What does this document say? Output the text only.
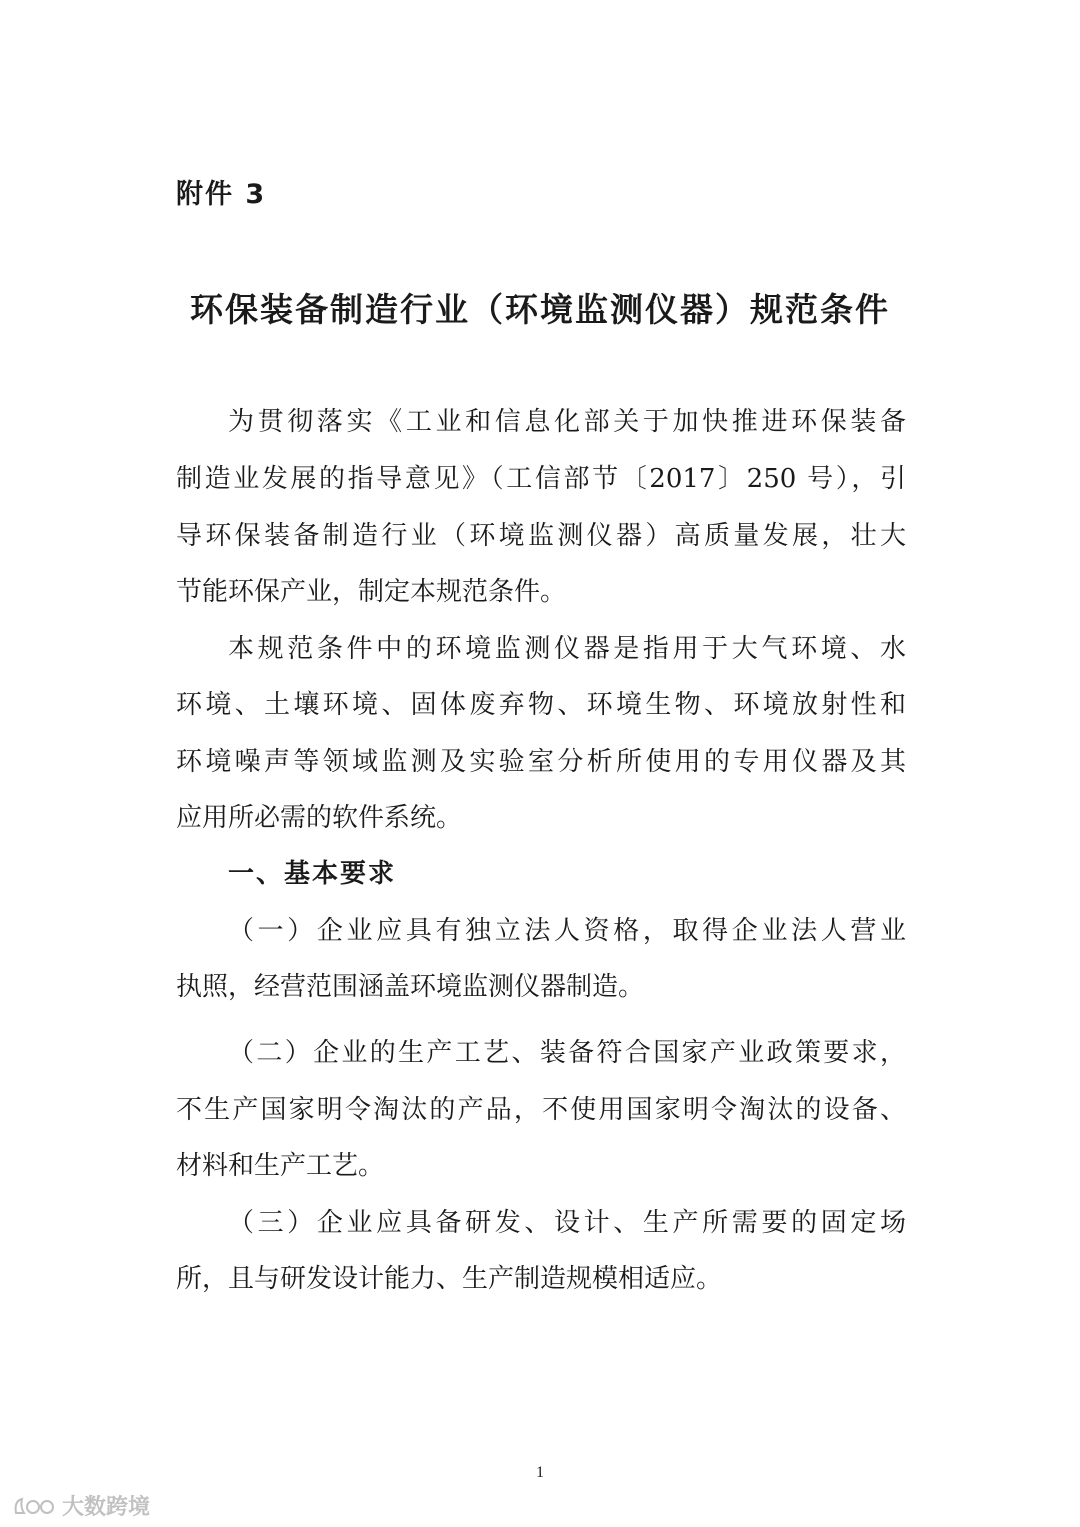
附件 3
环保装备制造行业（环境监测仪器）规范条件
为贯彻落实《工业和信息化部关于加快推进环保装备
制造业发展的指导意见》（工信部节〔2017〕250 号），引
导环保装备制造行业（环境监测仪器）高质量发展，壮大
节能环保产业，制定本规范条件。
本规范条件中的环境监测仪器是指用于大气环境、水
环境、土壤环境、固体废弃物、环境生物、环境放射性和
环境噪声等领域监测及实验室分析所使用的专用仪器及其
应用所必需的软件系统。
一、基本要求
（一）企业应具有独立法人资格，取得企业法人营业
执照，经营范围涵盖环境监测仪器制造。
（二）企业的生产工艺、装备符合国家产业政策要求，
不生产国家明令淘汰的产品，不使用国家明令淘汰的设备、
材料和生产工艺。
（三）企业应具备研发、设计、生产所需要的固定场
所，且与研发设计能力、生产制造规模相适应。
1
大数跨境
